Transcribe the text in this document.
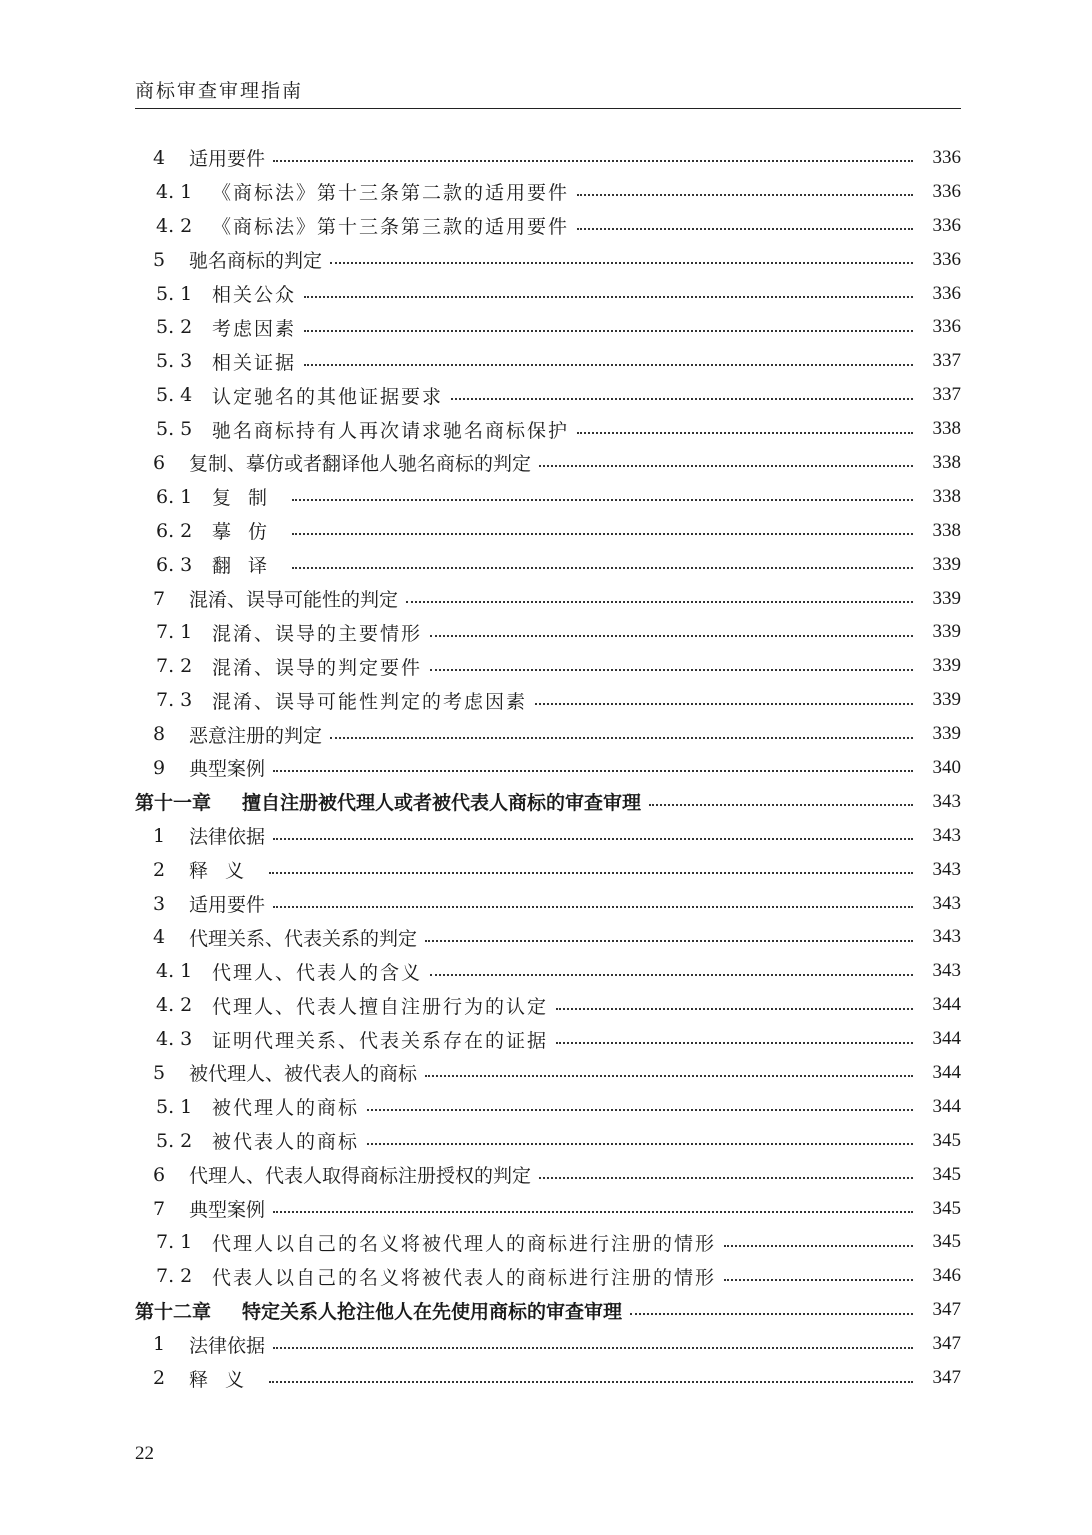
商标审查审理指南
4	适用要件	336
4. 1	《商标法》第十三条第二款的适用要件	336
4. 2	《商标法》第十三条第三款的适用要件	336
5	驰名商标的判定	336
5. 1	相关公众	336
5. 2	考虑因素	336
5. 3	相关证据	337
5. 4	认定驰名的其他证据要求	337
5. 5	驰名商标持有人再次请求驰名商标保护	338
6	复制、摹仿或者翻译他人驰名商标的判定	338
6. 1	复制	338
6. 2	摹仿	338
6. 3	翻译	339
7	混淆、误导可能性的判定	339
7. 1	混淆、误导的主要情形	339
7. 2	混淆、误导的判定要件	339
7. 3	混淆、误导可能性判定的考虑因素	339
8	恶意注册的判定	339
9	典型案例	340
第十一章	擅自注册被代理人或者被代表人商标的审查审理	343
1	法律依据	343
2	释义	343
3	适用要件	343
4	代理关系、代表关系的判定	343
4. 1	代理人、代表人的含义	343
4. 2	代理人、代表人擅自注册行为的认定	344
4. 3	证明代理关系、代表关系存在的证据	344
5	被代理人、被代表人的商标	344
5. 1	被代理人的商标	344
5. 2	被代表人的商标	345
6	代理人、代表人取得商标注册授权的判定	345
7	典型案例	345
7. 1	代理人以自己的名义将被代理人的商标进行注册的情形	345
7. 2	代表人以自己的名义将被代表人的商标进行注册的情形	346
第十二章	特定关系人抢注他人在先使用商标的审查审理	347
1	法律依据	347
2	释义	347
22
